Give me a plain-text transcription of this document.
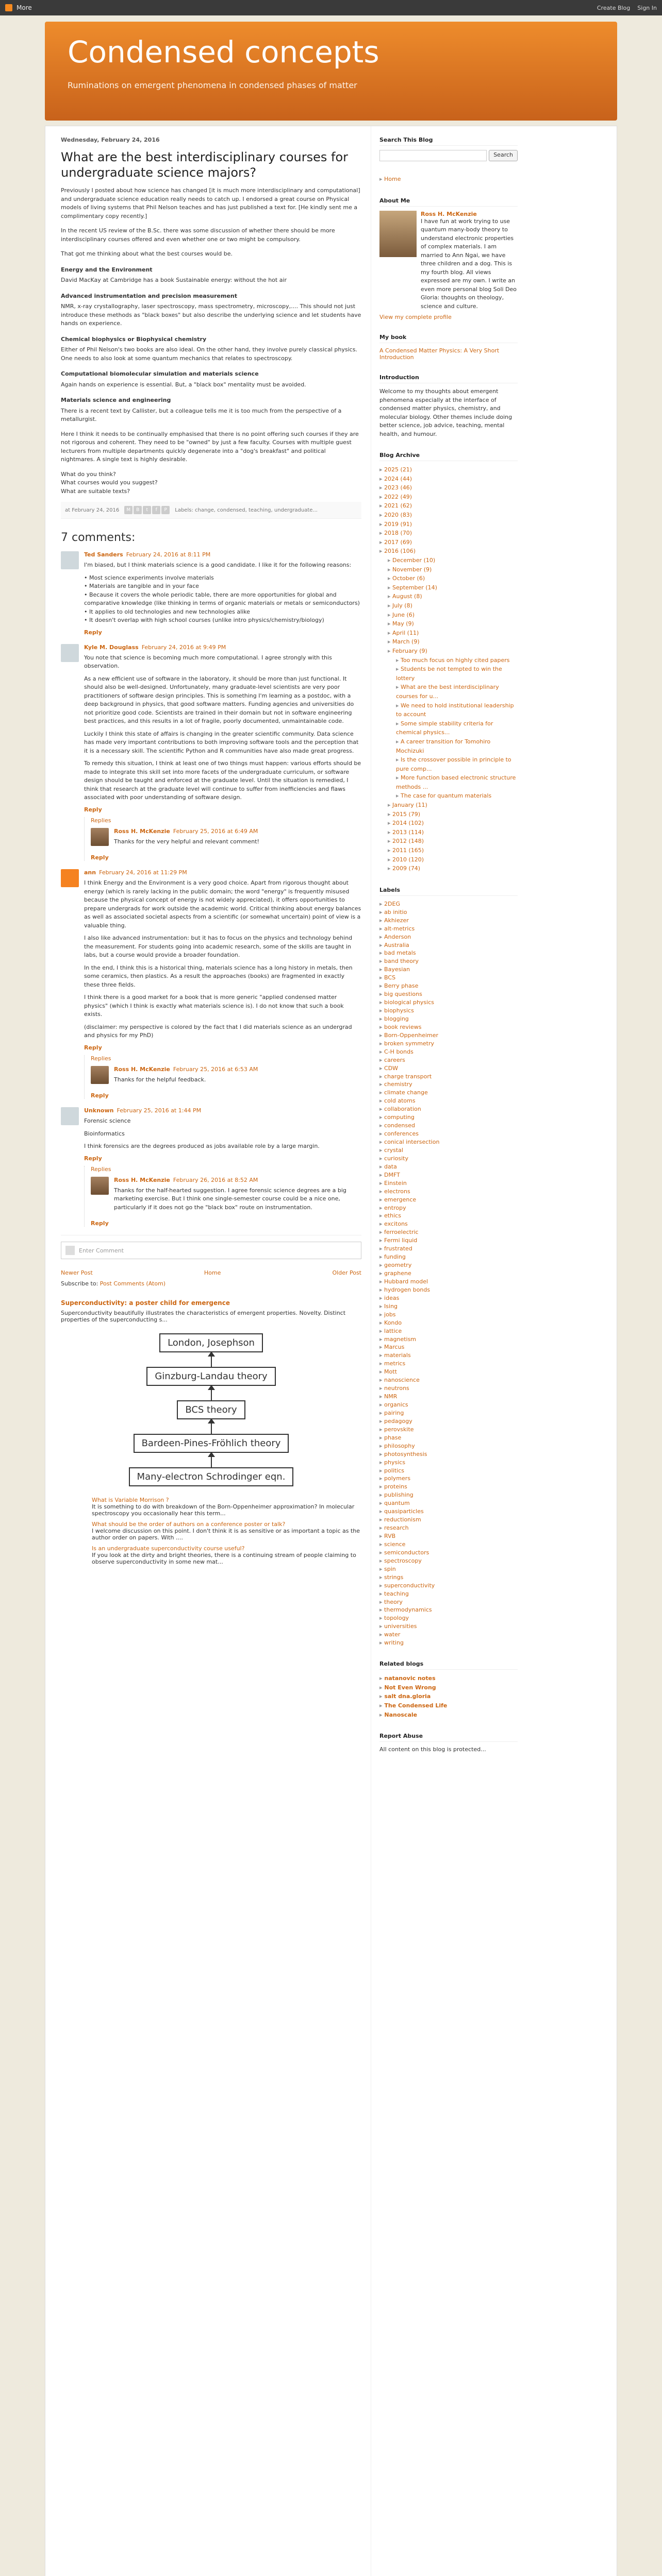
More	Create Blog Sign In
Condensed concepts
Ruminations on emergent phenomena in condensed phases of matter
Wednesday, February 24, 2016
What are the best interdisciplinary courses for undergraduate science majors?

Previously I posted about how science has changed [it is much more interdisciplinary and computational] and undergraduate science education really needs to catch up. I endorsed a great course on Physical models of living systems that Phil Nelson teaches and has just published a text for. [He kindly sent me a complimentary copy recently.]

In the recent US review of the B.Sc. there was some discussion of whether there should be more interdisciplinary courses offered and even whether one or two might be compulsory.

That got me thinking about what the best courses would be.

Energy and the Environment
David MacKay at Cambridge has a book Sustainable energy: without the hot air
Advanced instrumentation and precision measurement
NMR, x-ray crystallography, laser spectroscopy, mass spectrometry, microscopy,.... This should not just introduce these methods as "black boxes" but also describe the underlying science and let students have hands on experience.
Chemical biophysics or Biophysical chemistry
Either of Phil Nelson's two books are also ideal. On the other hand, they involve purely classical physics. One needs to also look at some quantum mechanics that relates to spectroscopy.
Computational biomolecular simulation and materials science
Again hands on experience is essential. But, a "black box" mentality must be avoided.
Materials science and engineering
There is a recent text by Callister, but a colleague tells me it is too much from the perspective of a metallurgist.

Here I think it needs to be continually emphasised that there is no point offering such courses if they are not rigorous and coherent. They need to be "owned" by just a few faculty. Courses with multiple guest lecturers from multiple departments quickly degenerate into a "dog's breakfast" and political nightmares. A single text is highly desirable.

What do you think?
What courses would you suggest?
What are suitable texts?

at February 24, 2016	M	B	t	f	P	Labels: change, condensed, teaching, undergraduate...
7 comments:
Ted Sanders February 24, 2016 at 8:11 PM

I'm biased, but I think materials science is a good candidate. I like it for the following reasons:

• Most science experiments involve materials
• Materials are tangible and in your face
• Because it covers the whole periodic table, there are more opportunities for global and comparative knowledge (like thinking in terms of organic materials or metals or semiconductors)
• It applies to old technologies and new technologies alike
• It doesn't overlap with high school courses (unlike intro physics/chemistry/biology)

Reply
Kyle M. Douglass February 24, 2016 at 9:49 PM

You note that science is becoming much more computational. I agree strongly with this observation.

As a new efficient use of software in the laboratory, it should be more than just functional. It should also be well-designed. Unfortunately, many graduate-level scientists are very poor practitioners of software design principles. This is something I'm learning as a postdoc, with a deep background in physics, that good software matters. Funding agencies and universities do not prioritize good code. Scientists are trained in their domain but not in software engineering best practices, and this results in a lot of fragile, poorly documented, unmaintainable code.

Luckily I think this state of affairs is changing in the greater scientific community. Data science has made very important contributions to both improving software tools and the perception that it is a necessary skill. The scientific Python and R communities have also made great progress.

To remedy this situation, I think at least one of two things must happen: various efforts should be made to integrate this skill set into more facets of the undergraduate curriculum, or software design should be taught and enforced at the graduate level. Until the situation is remedied, I think that research at the graduate level will continue to suffer from inefficiencies and flaws associated with poor understanding of software design.

Reply
Replies
Ross H. McKenzie February 25, 2016 at 6:49 AM
Thanks for the very helpful and relevant comment!
Reply
ann February 24, 2016 at 11:29 PM

I think Energy and the Environment is a very good choice. Apart from rigorous thought about energy (which is rarely lacking in the public domain; the word "energy" is frequently misused because the physical concept of energy is not widely appreciated), it offers opportunities to prepare undergrads for work outside the academic world. Critical thinking about energy balances as well as associated societal aspects from a scientific (or somewhat uncertain) point of view is a valuable thing.

I also like advanced instrumentation: but it has to focus on the physics and technology behind the measurement. For students going into academic research, some of the skills are taught in labs, but a course would provide a broader foundation.

In the end, I think this is a historical thing, materials science has a long history in metals, then some ceramics, then plastics. As a result the approaches (books) are fragmented in exactly these three fields.

I think there is a good market for a book that is more generic "applied condensed matter physics" (which I think is exactly what materials science is). I do not know that such a book exists.

(disclaimer: my perspective is colored by the fact that I did materials science as an undergrad and physics for my PhD)

Reply
Replies
Ross H. McKenzie February 25, 2016 at 6:53 AM
Thanks for the helpful feedback.
Reply
Unknown February 25, 2016 at 1:44 PM

Forensic science

Bioinformatics

I think forensics are the degrees produced as jobs available role by a large margin.

Reply
Replies
Ross H. McKenzie February 26, 2016 at 8:52 AM
Thanks for the half-hearted suggestion. I agree forensic science degrees are a big marketing exercise. But I think one single-semester course could be a nice one, particularly if it does not go the "black box" route on instrumentation.
Reply
Enter Comment
Newer Post	Home	Older Post
Subscribe to: Post Comments (Atom)
Superconductivity: a poster child for emergence
Superconductivity beautifully illustrates the characteristics of emergent properties. Novelty. Distinct properties of the superconducting s...
London, Josephson
Ginzburg-Landau theory
BCS theory
Bardeen-Pines-Fröhlich theory
Many-electron Schrodinger eqn.
What is Variable Morrison ?
It is something to do with breakdown of the Born-Oppenheimer approximation? In molecular spectroscopy you occasionally hear this term...
What should be the order of authors on a conference poster or talk?
I welcome discussion on this point. I don't think it is as sensitive or as important a topic as the author order on papers. With ....
Is an undergraduate superconductivity course useful?
If you look at the dirty and bright theories, there is a continuing stream of people claiming to observe superconductivity in some new mat...
Search This Blog
Search
▸ Home
About Me
Ross H. McKenzie
I have fun at work trying to use quantum many-body theory to understand electronic properties of complex materials. I am married to Ann Ngai, we have three children and a dog. This is my fourth blog. All views expressed are my own. I write an even more personal blog Soli Deo Gloria: thoughts on theology, science and culture.
View my complete profile
My book
A Condensed Matter Physics: A Very Short Introduction
Introduction
Welcome to my thoughts about emergent phenomena especially at the interface of condensed matter physics, chemistry, and molecular biology. Other themes include doing better science, job advice, teaching, mental health, and humour.
Blog Archive
▸ 2025 (21)
▸ 2024 (44)
▸ 2023 (46)
▸ 2022 (49)
▸ 2021 (62)
▸ 2020 (83)
▸ 2019 (91)
▸ 2018 (70)
▸ 2017 (69)
▸ 2016 (106)
▸ December (10)
▸ November (9)
▸ October (6)
▸ September (14)
▸ August (8)
▸ July (8)
▸ June (6)
▸ May (9)
▸ April (11)
▸ March (9)
▸ February (9)
▸ Too much focus on highly cited papers
▸ Students be not tempted to win the lottery
▸ What are the best interdisciplinary courses for u...
▸ We need to hold institutional leadership to account
▸ Some simple stability criteria for chemical physics...
▸ A career transition for Tomohiro Mochizuki
▸ Is the crossover possible in principle to pure comp...
▸ More function based electronic structure methods ...
▸ The case for quantum materials
▸ January (11)
▸ 2015 (79)
▸ 2014 (102)
▸ 2013 (114)
▸ 2012 (148)
▸ 2011 (165)
▸ 2010 (120)
▸ 2009 (74)
Labels
▸ 2DEG
▸ ab initio
▸ Akhiezer
▸ alt-metrics
▸ Anderson
▸ Australia
▸ bad metals
▸ band theory
▸ Bayesian
▸ BCS
▸ Berry phase
▸ big questions
▸ biological physics
▸ biophysics
▸ blogging
▸ book reviews
▸ Born-Oppenheimer
▸ broken symmetry
▸ C-H bonds
▸ careers
▸ CDW
▸ charge transport
▸ chemistry
▸ climate change
▸ cold atoms
▸ collaboration
▸ computing
▸ condensed
▸ conferences
▸ conical intersection
▸ crystal
▸ curiosity
▸ data
▸ DMFT
▸ Einstein
▸ electrons
▸ emergence
▸ entropy
▸ ethics
▸ excitons
▸ ferroelectric
▸ Fermi liquid
▸ frustrated
▸ funding
▸ geometry
▸ graphene
▸ Hubbard model
▸ hydrogen bonds
▸ ideas
▸ Ising
▸ jobs
▸ Kondo
▸ lattice
▸ magnetism
▸ Marcus
▸ materials
▸ metrics
▸ Mott
▸ nanoscience
▸ neutrons
▸ NMR
▸ organics
▸ pairing
▸ pedagogy
▸ perovskite
▸ phase
▸ philosophy
▸ photosynthesis
▸ physics
▸ politics
▸ polymers
▸ proteins
▸ publishing
▸ quantum
▸ quasiparticles
▸ reductionism
▸ research
▸ RVB
▸ science
▸ semiconductors
▸ spectroscopy
▸ spin
▸ strings
▸ superconductivity
▸ teaching
▸ theory
▸ thermodynamics
▸ topology
▸ universities
▸ water
▸ writing
Related blogs
▸ natanovic notes
▸ Not Even Wrong
▸ salt dna.gloria
▸ The Condensed Life
▸ Nanoscale
Report Abuse
All content on this blog is protected...
